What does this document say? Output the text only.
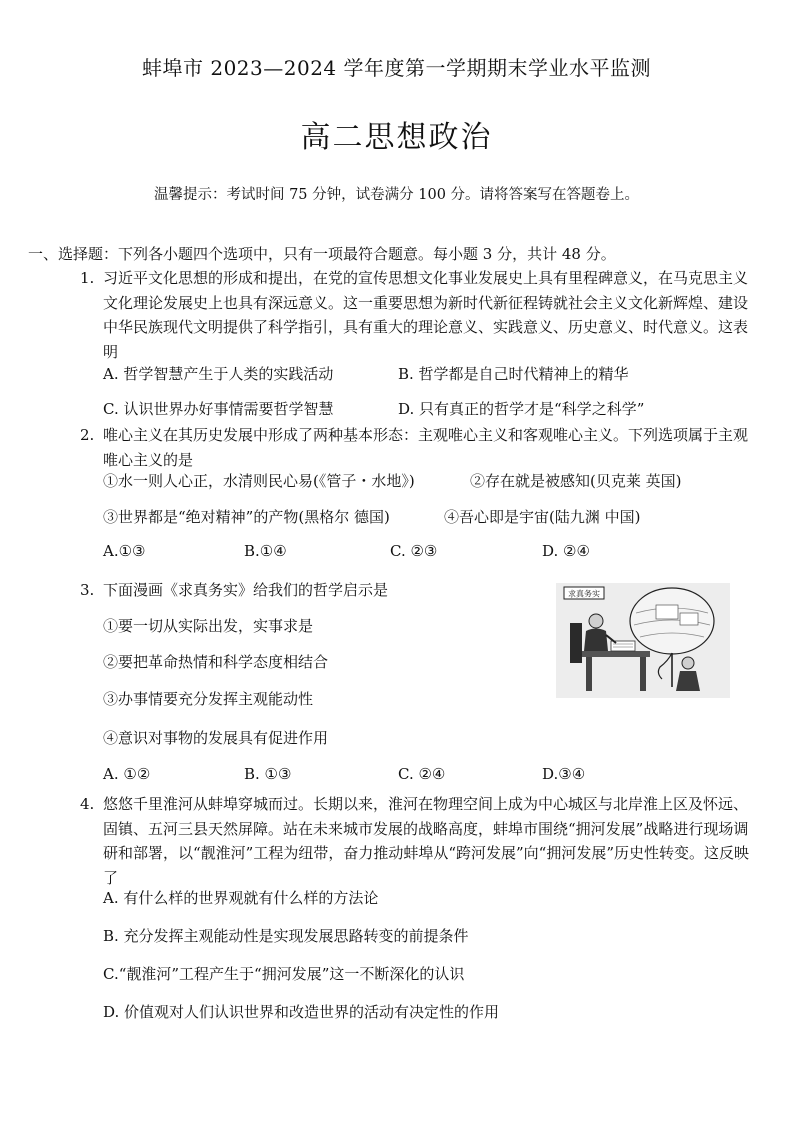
蚌埠市 2023—2024 学年度第一学期期末学业水平监测
高二思想政治
温馨提示：考试时间 75 分钟，试卷满分 100 分。请将答案写在答题卷上。
一、选择题：下列各小题四个选项中，只有一项最符合题意。每小题 3 分，共计 48 分。
1. 习近平文化思想的形成和提出，在党的宣传思想文化事业发展史上具有里程碑意义，在马克思主义文化理论发展史上也具有深远意义。这一重要思想为新时代新征程铸就社会主义文化新辉煌、建设中华民族现代文明提供了科学指引，具有重大的理论意义、实践意义、历史意义、时代意义。这表明
A. 哲学智慧产生于人类的实践活动	B. 哲学都是自己时代精神上的精华
C. 认识世界办好事情需要哲学智慧	D. 只有真正的哲学才是“科学之科学”
2. 唯心主义在其历史发展中形成了两种基本形态：主观唯心主义和客观唯心主义。下列选项属于主观唯心主义的是
①水一则人心正，水清则民心易(《管子・水地》)	②存在就是被感知(贝克莱 英国)
③世界都是“绝对精神”的产物(黑格尔 德国)	④吾心即是宇宙(陆九渊 中国)
A.①③	B.①④	C. ②③	D. ②④
3. 下面漫画《求真务实》给我们的哲学启示是
①要一切从实际出发，实事求是
②要把革命热情和科学态度相结合
③办事情要充分发挥主观能动性
④意识对事物的发展具有促进作用
A. ①②	B. ①③	C. ②④	D.③④
求真务实
4. 悠悠千里淮河从蚌埠穿城而过。长期以来，淮河在物理空间上成为中心城区与北岸淮上区及怀远、固镇、五河三县天然屏障。站在未来城市发展的战略高度，蚌埠市围绕“拥河发展”战略进行现场调研和部署，以“靓淮河”工程为纽带，奋力推动蚌埠从“跨河发展”向“拥河发展”历史性转变。这反映了
A. 有什么样的世界观就有什么样的方法论
B. 充分发挥主观能动性是实现发展思路转变的前提条件
C.“靓淮河”工程产生于“拥河发展”这一不断深化的认识
D. 价值观对人们认识世界和改造世界的活动有决定性的作用
